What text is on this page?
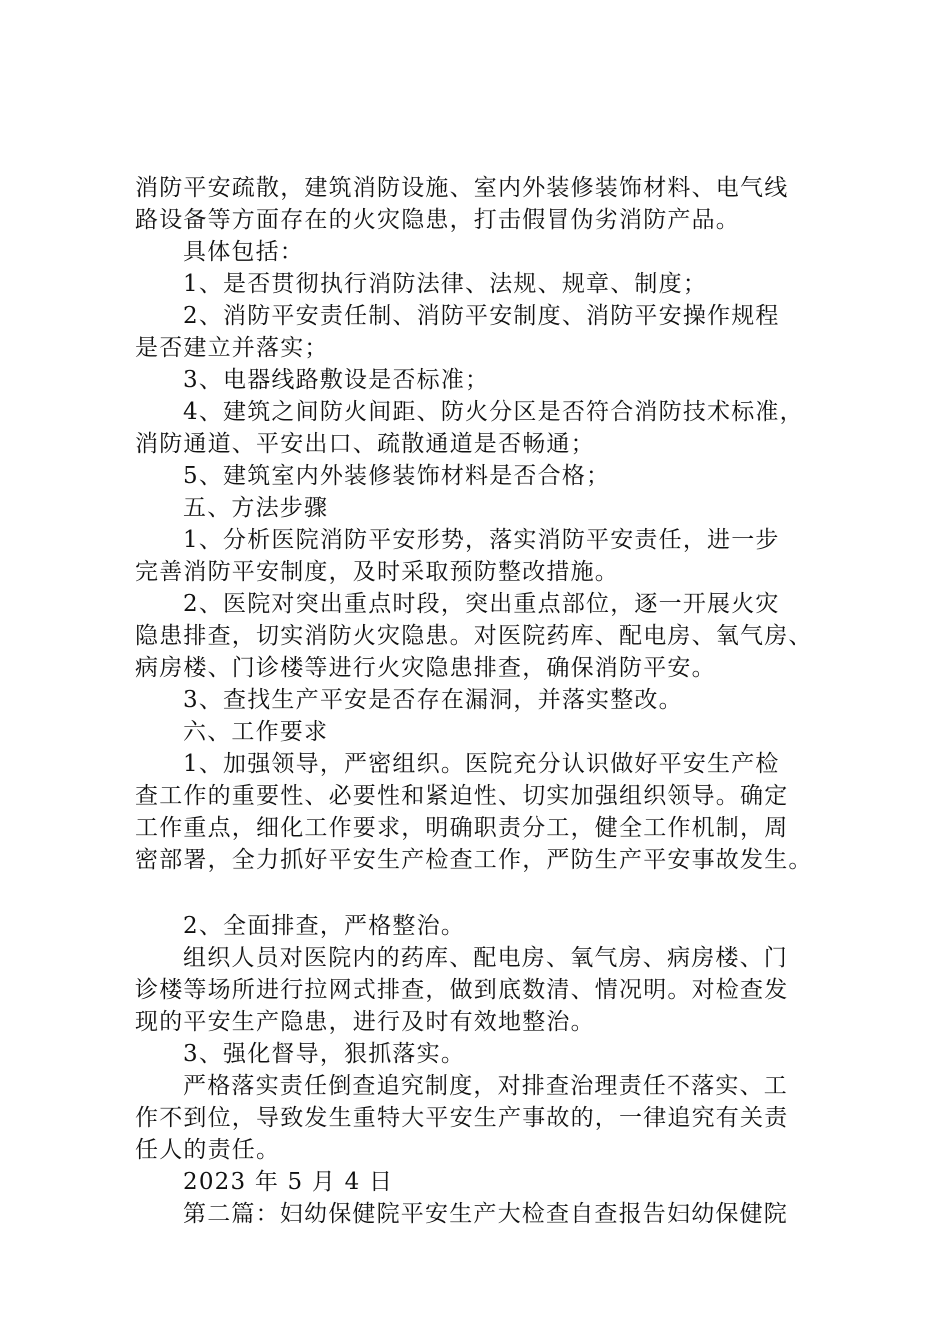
消防平安疏散，建筑消防设施、室内外装修装饰材料、电气线
路设备等方面存在的火灾隐患，打击假冒伪劣消防产品。
具体包括：
1、是否贯彻执行消防法律、法规、规章、制度；
2、消防平安责任制、消防平安制度、消防平安操作规程
是否建立并落实；
3、电器线路敷设是否标准；
4、建筑之间防火间距、防火分区是否符合消防技术标准，
消防通道、平安出口、疏散通道是否畅通；
5、建筑室内外装修装饰材料是否合格；
五、方法步骤
1、分析医院消防平安形势，落实消防平安责任，进一步
完善消防平安制度，及时采取预防整改措施。
2、医院对突出重点时段，突出重点部位，逐一开展火灾
隐患排查，切实消防火灾隐患。对医院药库、配电房、氧气房、
病房楼、门诊楼等进行火灾隐患排查，确保消防平安。
3、查找生产平安是否存在漏洞，并落实整改。
六、工作要求
1、加强领导，严密组织。医院充分认识做好平安生产检
查工作的重要性、必要性和紧迫性、切实加强组织领导。确定
工作重点，细化工作要求，明确职责分工，健全工作机制，周
密部署，全力抓好平安生产检查工作，严防生产平安事故发生。
2、全面排查，严格整治。
组织人员对医院内的药库、配电房、氧气房、病房楼、门
诊楼等场所进行拉网式排查，做到底数清、情况明。对检查发
现的平安生产隐患，进行及时有效地整治。
3、强化督导，狠抓落实。
严格落实责任倒查追究制度，对排查治理责任不落实、工
作不到位，导致发生重特大平安生产事故的，一律追究有关责
任人的责任。
2023 年 5 月 4 日
第二篇：妇幼保健院平安生产大检查自查报告妇幼保健院
